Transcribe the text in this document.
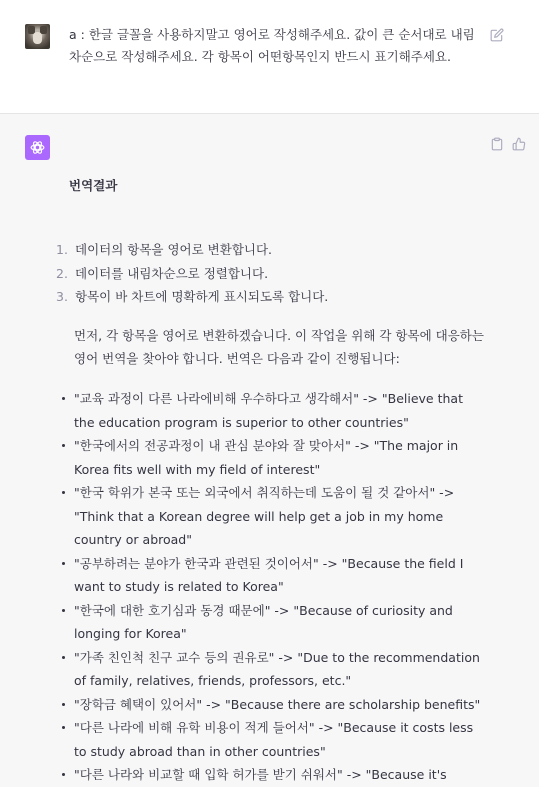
a : 한글 글꼴을 사용하지말고 영어로 작성해주세요. 값이 큰 순서대로 내림차순으로 작성해주세요. 각 항목이 어떤항목인지 반드시 표기해주세요.
번역결과
1. 데이터의 항목을 영어로 변환합니다.
2. 데이터를 내림차순으로 정렬합니다.
3. 항목이 바 차트에 명확하게 표시되도록 합니다.
먼저, 각 항목을 영어로 변환하겠습니다. 이 작업을 위해 각 항목에 대응하는 영어 번역을 찾아야 합니다. 번역은 다음과 같이 진행됩니다:
"교육 과정이 다른 나라에비해 우수하다고 생각해서" -> "Believe that the education program is superior to other countries"
"한국에서의 전공과정이 내 관심 분야와 잘 맞아서" -> "The major in Korea fits well with my field of interest"
"한국 학위가 본국 또는 외국에서 취직하는데 도움이 될 것 같아서" -> "Think that a Korean degree will help get a job in my home country or abroad"
"공부하려는 분야가 한국과 관련된 것이어서" -> "Because the field I want to study is related to Korea"
"한국에 대한 호기심과 동경 때문에" -> "Because of curiosity and longing for Korea"
"가족 친인척 친구 교수 등의 권유로" -> "Due to the recommendation of family, relatives, friends, professors, etc."
"장학금 혜택이 있어서" -> "Because there are scholarship benefits"
"다른 나라에 비해 유학 비용이 적게 들어서" -> "Because it costs less to study abroad than in other countries"
"다른 나라와 비교할 때 입학 허가를 받기 쉬워서" -> "Because it's
